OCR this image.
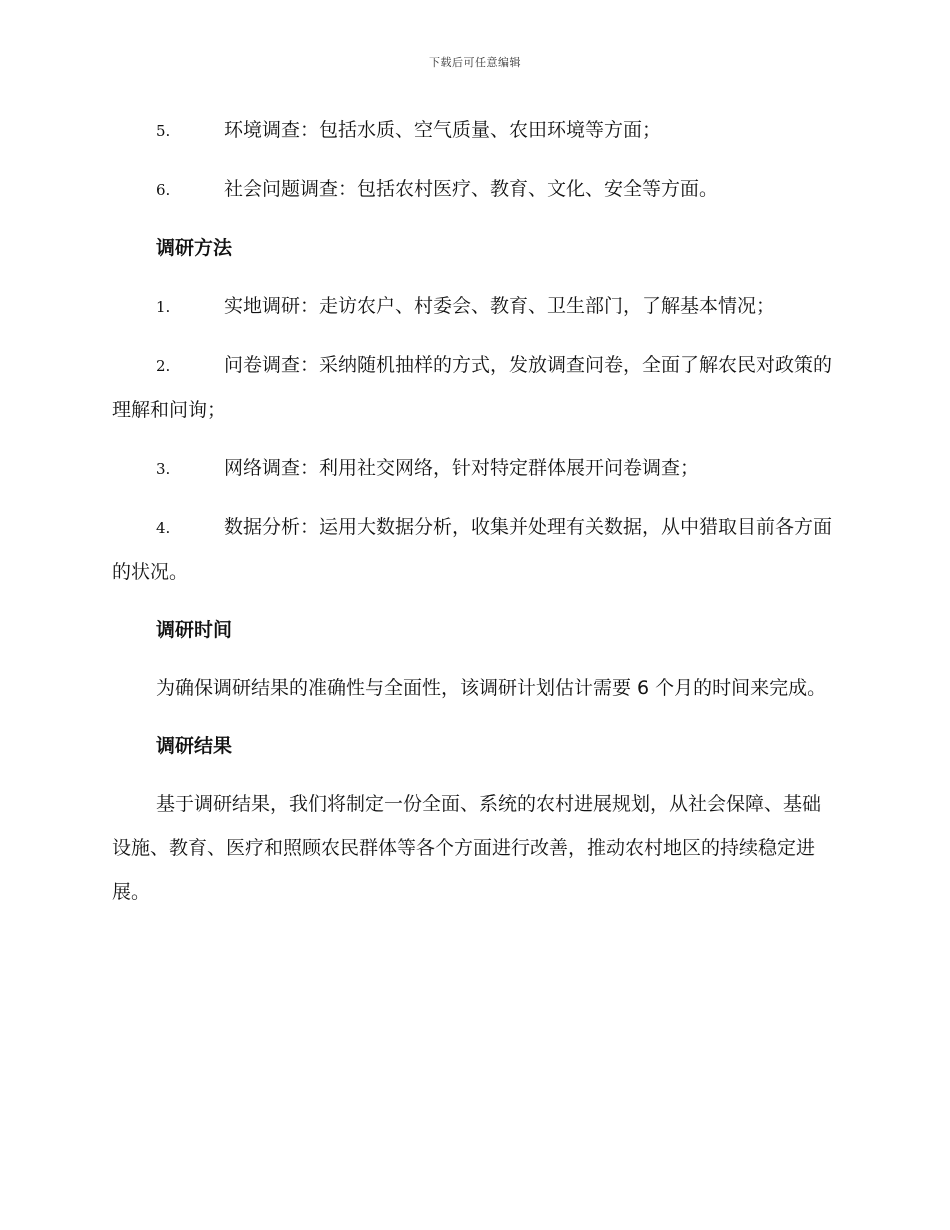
下载后可任意编辑
5.	环境调查：包括水质、空气质量、农田环境等方面；
6.	社会问题调查：包括农村医疗、教育、文化、安全等方面。
调研方法
1.	实地调研：走访农户、村委会、教育、卫生部门，了解基本情况；
2.	问卷调查：采纳随机抽样的方式，发放调查问卷，全面了解农民对政策的理解和问询；
3.	网络调查：利用社交网络，针对特定群体展开问卷调查；
4.	数据分析：运用大数据分析，收集并处理有关数据，从中猎取目前各方面的状况。
调研时间
为确保调研结果的准确性与全面性，该调研计划估计需要 6 个月的时间来完成。
调研结果
基于调研结果，我们将制定一份全面、系统的农村进展规划，从社会保障、基础设施、教育、医疗和照顾农民群体等各个方面进行改善，推动农村地区的持续稳定进展。
